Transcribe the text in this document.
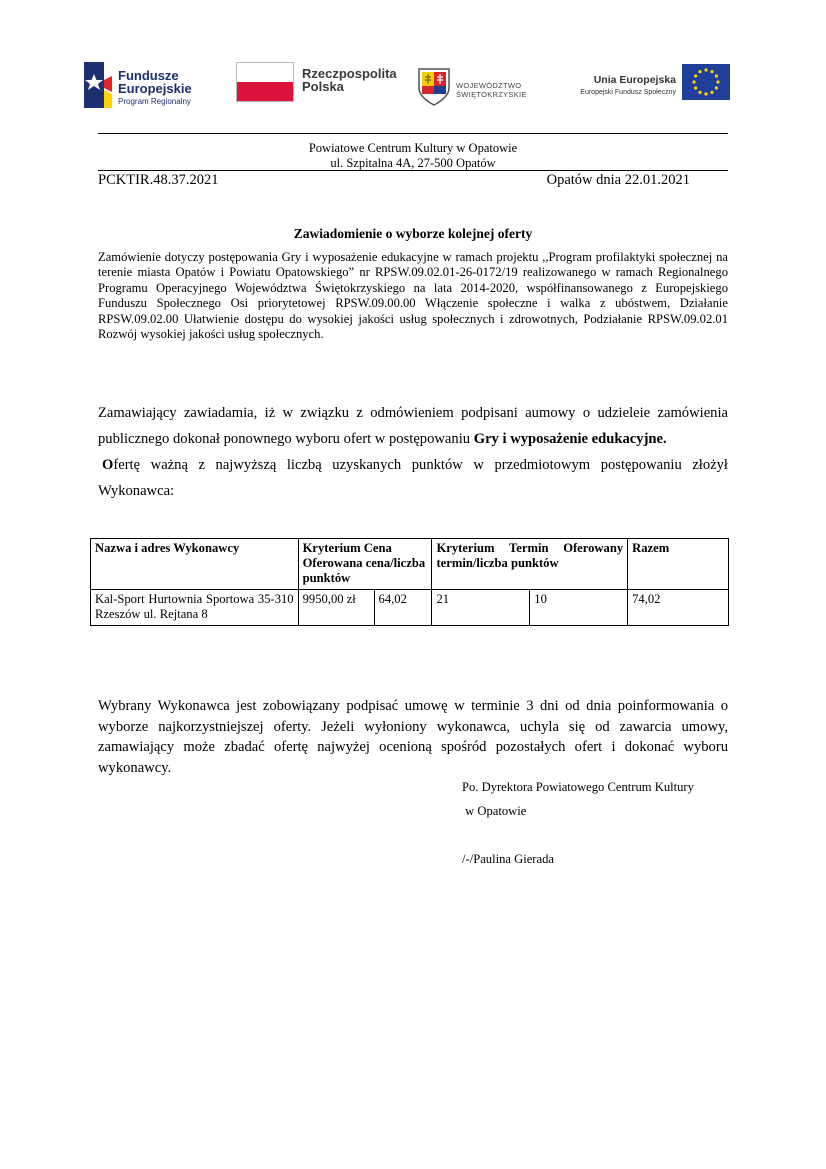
Fundusze
Europejskie
Program Regionalny
Rzeczpospolita
Polska	WOJEWÓDZTWO
ŚWIĘTOKRZYSKIE
Unia Europejska
Europejski Fundusz Społeczny
Powiatowe Centrum Kultury w Opatowie
ul. Szpitalna 4A, 27-500 Opatów
PCKTIR.48.37.2021	Opatów dnia 22.01.2021
Zawiadomienie o wyborze kolejnej oferty
Zamówienie dotyczy postępowania Gry i wyposażenie edukacyjne w ramach projektu ,,Program profilaktyki społecznej na terenie miasta Opatów i Powiatu Opatowskiego” nr RPSW.09.02.01-26-0172/19 realizowanego w ramach Regionalnego Programu Operacyjnego Województwa Świętokrzyskiego na lata 2014-2020, współfinansowanego z Europejskiego Funduszu Społecznego Osi priorytetowej RPSW.09.00.00 Włączenie społeczne i walka z ubóstwem, Działanie RPSW.09.02.00 Ułatwienie dostępu do wysokiej jakości usług społecznych i zdrowotnych, Podziałanie RPSW.09.02.01 Rozwój wysokiej jakości usług społecznych.

Zamawiający zawiadamia, iż w związku z odmówieniem podpisani aumowy o udzieleie zamówienia publicznego dokonał ponownego wyboru ofert w postępowaniu Gry i wyposażenie edukacyjne.

Ofertę ważną z najwyższą liczbą uzyskanych punktów w przedmiotowym postępowaniu złożył Wykonawca:

Nazwa i adres Wykonawcy	Kryterium Cena Oferowana cena/liczba punktów		Kryterium Termin Oferowany termin/liczba punktów		Razem
Kal-Sport Hurtownia Sportowa 35-310 Rzeszów ul. Rejtana 8	9950,00 zł	64,02	21	10	74,02
Wybrany Wykonawca jest zobowiązany podpisać umowę w terminie 3 dni od dnia poinformowania o wyborze najkorzystniejszej oferty. Jeżeli wyłoniony wykonawca, uchyla się od zawarcia umowy, zamawiający może zbadać ofertę najwyżej ocenioną spośród pozostałych ofert i dokonać wyboru wykonawcy.
Po. Dyrektora Powiatowego Centrum Kultury
w Opatowie
/-/Paulina Gierada
